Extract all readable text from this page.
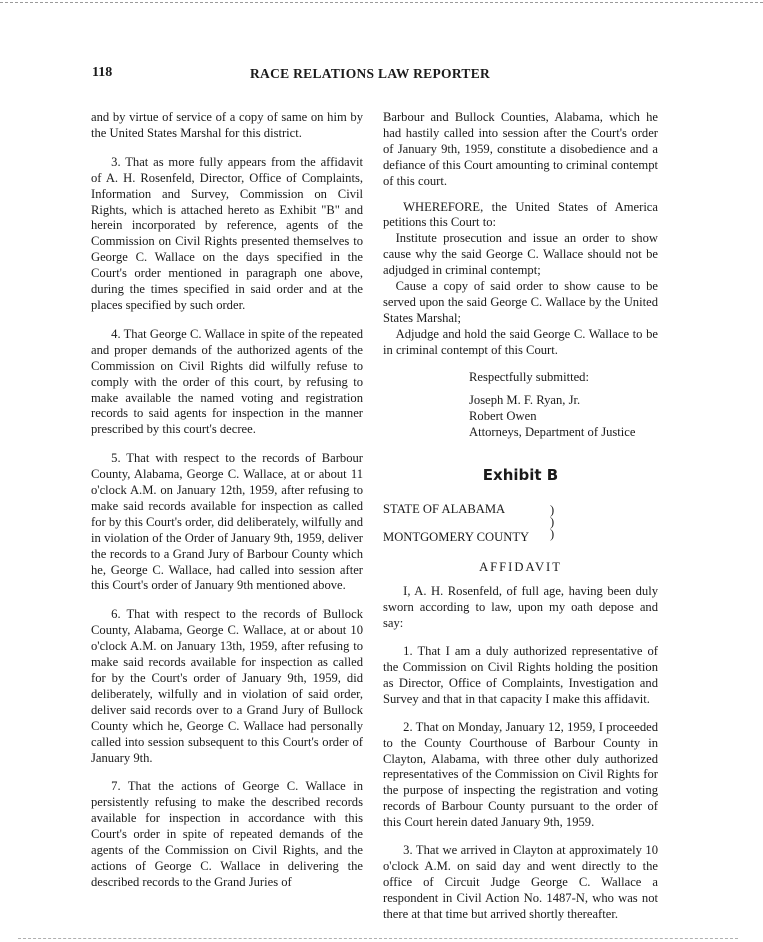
118	RACE RELATIONS LAW REPORTER

and by virtue of service of a copy of same on him by the United States Marshal for this district.

3. That as more fully appears from the affidavit of A. H. Rosenfeld, Director, Office of Complaints, Information and Survey, Commission on Civil Rights, which is attached hereto as Exhibit "B" and herein incorporated by reference, agents of the Commission on Civil Rights presented themselves to George C. Wallace on the days specified in the Court's order mentioned in paragraph one above, during the times specified in said order and at the places specified by such order.

4. That George C. Wallace in spite of the repeated and proper demands of the authorized agents of the Commission on Civil Rights did wilfully refuse to comply with the order of this court, by refusing to make available the named voting and registration records to said agents for inspection in the manner prescribed by this court's decree.

5. That with respect to the records of Barbour County, Alabama, George C. Wallace, at or about 11 o'clock A.M. on January 12th, 1959, after refusing to make said records available for inspection as called for by this Court's order, did deliberately, wilfully and in violation of the Order of January 9th, 1959, deliver the records to a Grand Jury of Barbour County which he, George C. Wallace, had called into session after this Court's order of January 9th mentioned above.

6. That with respect to the records of Bullock County, Alabama, George C. Wallace, at or about 10 o'clock A.M. on January 13th, 1959, after refusing to make said records available for inspection as called for by the Court's order of January 9th, 1959, did deliberately, wilfully and in violation of said order, deliver said records over to a Grand Jury of Bullock County which he, George C. Wallace had personally called into session subsequent to this Court's order of January 9th.

7. That the actions of George C. Wallace in persistently refusing to make the described records available for inspection in accordance with this Court's order in spite of repeated demands of the agents of the Commission on Civil Rights, and the actions of George C. Wallace in delivering the described records to the Grand Juries of

Barbour and Bullock Counties, Alabama, which he had hastily called into session after the Court's order of January 9th, 1959, constitute a disobedience and a defiance of this Court amounting to criminal contempt of this court.

WHEREFORE, the United States of America petitions this Court to:

Institute prosecution and issue an order to show cause why the said George C. Wallace should not be adjudged in criminal contempt;

Cause a copy of said order to show cause to be served upon the said George C. Wallace by the United States Marshal;

Adjudge and hold the said George C. Wallace to be in criminal contempt of this Court.

Respectfully submitted:
Joseph M. F. Ryan, Jr.
Robert Owen
Attorneys, Department of Justice
Exhibit B
STATE OF ALABAMA
MONTGOMERY COUNTY
)
)
)
AFFIDAVIT

I, A. H. Rosenfeld, of full age, having been duly sworn according to law, upon my oath depose and say:

1. That I am a duly authorized representative of the Commission on Civil Rights holding the position as Director, Office of Complaints, Investigation and Survey and that in that capacity I make this affidavit.

2. That on Monday, January 12, 1959, I proceeded to the County Courthouse of Barbour County in Clayton, Alabama, with three other duly authorized representatives of the Commission on Civil Rights for the purpose of inspecting the registration and voting records of Barbour County pursuant to the order of this Court herein dated January 9th, 1959.

3. That we arrived in Clayton at approximately 10 o'clock A.M. on said day and went directly to the office of Circuit Judge George C. Wallace a respondent in Civil Action No. 1487-N, who was not there at that time but arrived shortly thereafter.
